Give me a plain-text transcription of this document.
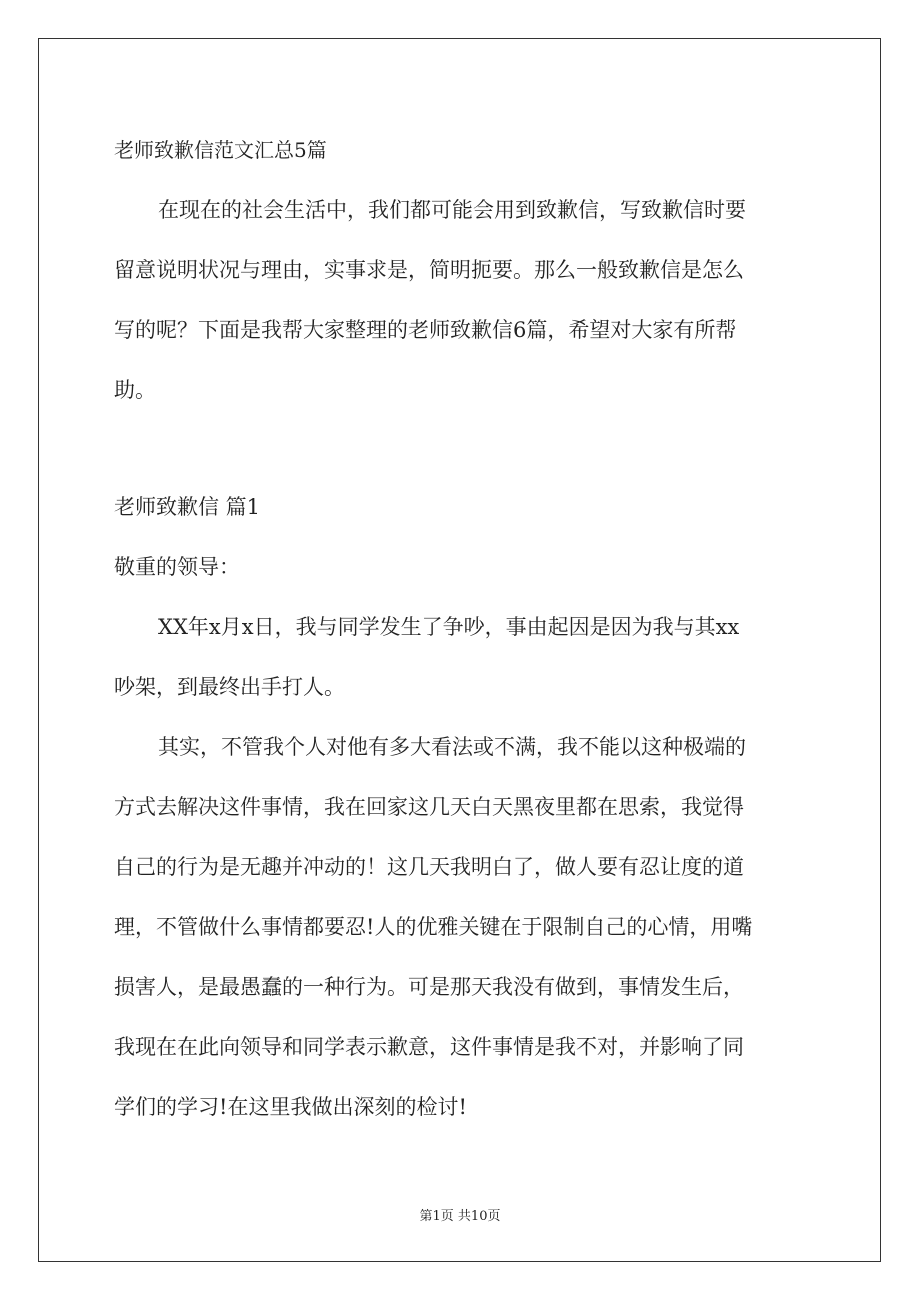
老师致歉信范文汇总5篇
在现在的社会生活中，我们都可能会用到致歉信，写致歉信时要
留意说明状况与理由，实事求是，简明扼要。那么一般致歉信是怎么
写的呢？下面是我帮大家整理的老师致歉信6篇，希望对大家有所帮
助。
老师致歉信 篇1
敬重的领导：
XX年x月x日，我与同学发生了争吵，事由起因是因为我与其xx
吵架，到最终出手打人。
其实，不管我个人对他有多大看法或不满，我不能以这种极端的
方式去解决这件事情，我在回家这几天白天黑夜里都在思索，我觉得
自己的行为是无趣并冲动的！这几天我明白了，做人要有忍让度的道
理，不管做什么事情都要忍!人的优雅关键在于限制自己的心情，用嘴
损害人，是最愚蠢的一种行为。可是那天我没有做到，事情发生后，
我现在在此向领导和同学表示歉意，这件事情是我不对，并影响了同
学们的学习!在这里我做出深刻的检讨!
第1页 共10页
